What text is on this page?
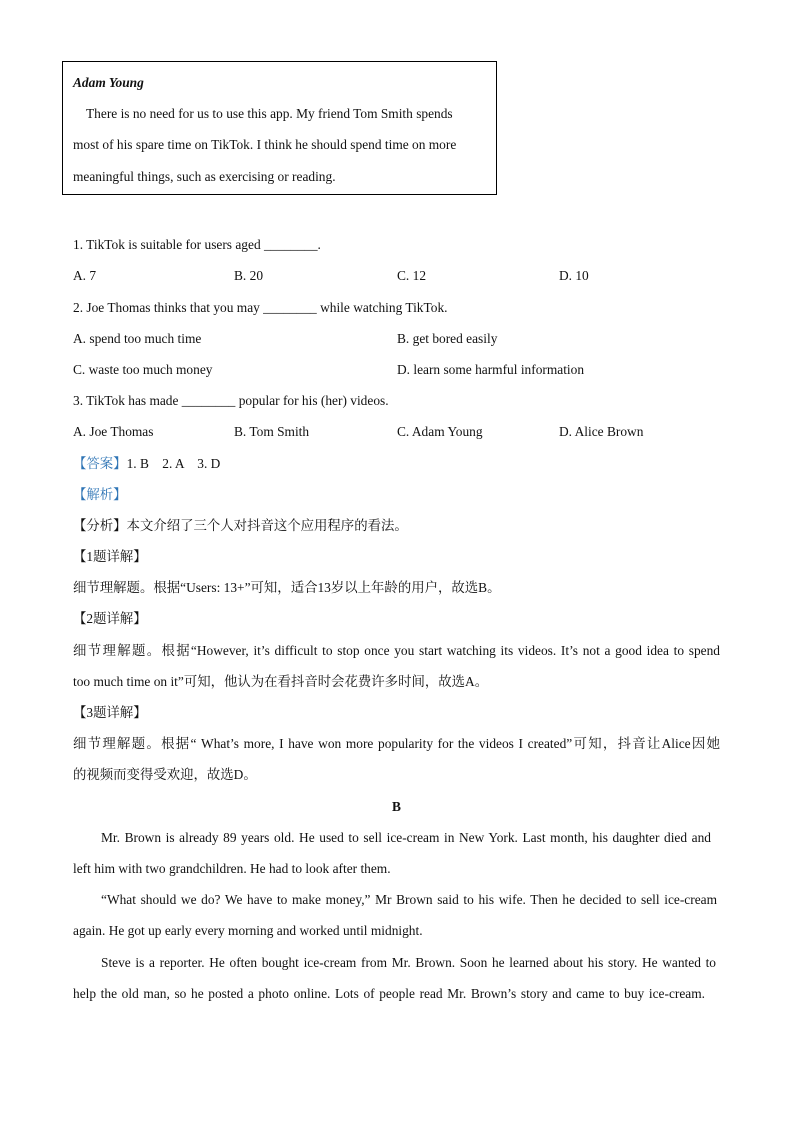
Adam Young
There is no need for us to use this app. My friend Tom Smith spends
most of his spare time on TikTok. I think he should spend time on more
meaningful things, such as exercising or reading.
1. TikTok is suitable for users aged ________.
A. 7	B. 20	C. 12	D. 10
2. Joe Thomas thinks that you may ________ while watching TikTok.
A. spend too much time	B. get bored easily
C. waste too much money	D. learn some harmful information
3. TikTok has made ________ popular for his (her) videos.
A. Joe Thomas	B. Tom Smith	C. Adam Young	D. Alice Brown
【答案】1. B    2. A    3. D
【解析】
【分析】本文介绍了三个人对抖音这个应用程序的看法。
【1题详解】
细节理解题。根据“Users: 13+”可知，适合13岁以上年龄的用户，故选B。
【2题详解】
细节理解题。根据“However, it’s difficult to stop once you start watching its videos. It’s not a good idea to spend
too much time on it”可知，他认为在看抖音时会花费许多时间，故选A。
【3题详解】
细节理解题。根据“ What’s more, I have won more popularity for the videos I created”可知，抖音让Alice因她
的视频而变得受欢迎，故选D。
B
Mr. Brown is already 89 years old. He used to sell ice-cream in New York. Last month, his daughter died and
left him with two grandchildren. He had to look after them.
“What should we do? We have to make money,” Mr Brown said to his wife. Then he decided to sell ice-cream
again. He got up early every morning and worked until midnight.
Steve is a reporter. He often bought ice-cream from Mr. Brown. Soon he learned about his story. He wanted to
help the old man, so he posted a photo online. Lots of people read Mr. Brown’s story and came to buy ice-cream.
